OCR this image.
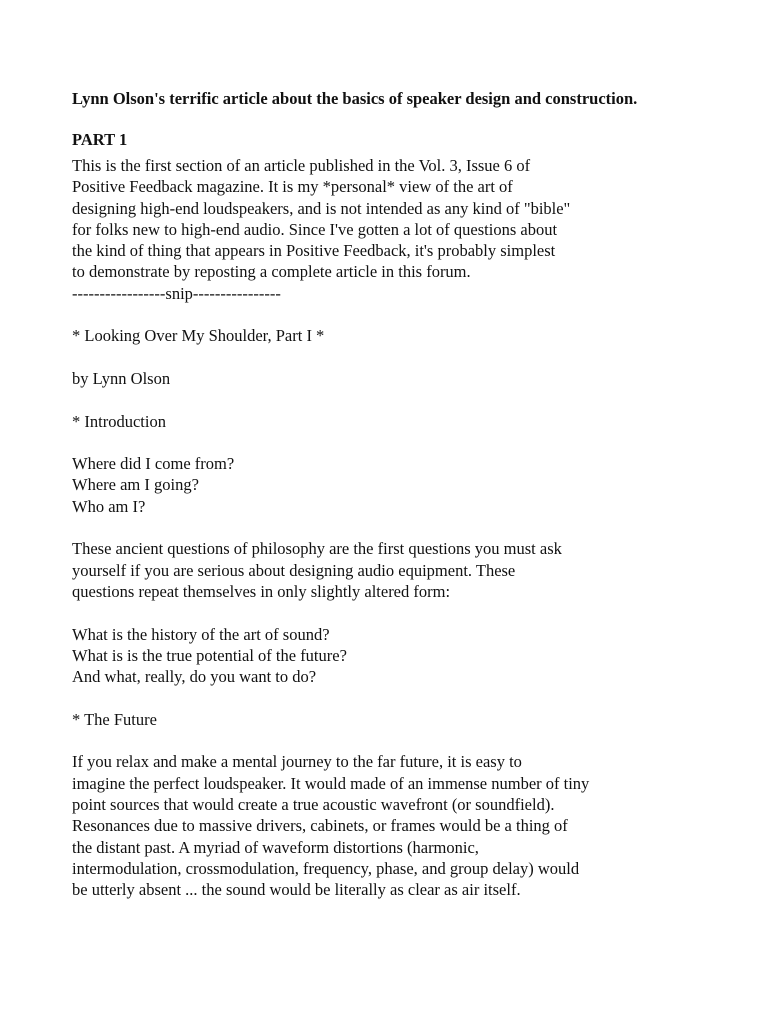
Lynn Olson's terrific article about the basics of speaker design and construction.

PART 1

This is the first section of an article published in the Vol. 3, Issue 6 of
Positive Feedback magazine. It is my *personal* view of the art of
designing high-end loudspeakers, and is not intended as any kind of "bible"
for folks new to high-end audio. Since I've gotten a lot of questions about
the kind of thing that appears in Positive Feedback, it's probably simplest
to demonstrate by reposting a complete article in this forum.
-----------------snip----------------
* Looking Over My Shoulder, Part I *
by Lynn Olson
* Introduction
Where did I come from?
Where am I going?
Who am I?
These ancient questions of philosophy are the first questions you must ask
yourself if you are serious about designing audio equipment. These
questions repeat themselves in only slightly altered form:
What is the history of the art of sound?
What is is the true potential of the future?
And what, really, do you want to do?
* The Future
If you relax and make a mental journey to the far future, it is easy to
imagine the perfect loudspeaker. It would made of an immense number of tiny
point sources that would create a true acoustic wavefront (or soundfield).
Resonances due to massive drivers, cabinets, or frames would be a thing of
the distant past. A myriad of waveform distortions (harmonic,
intermodulation, crossmodulation, frequency, phase, and group delay) would
be utterly absent ... the sound would be literally as clear as air itself.
